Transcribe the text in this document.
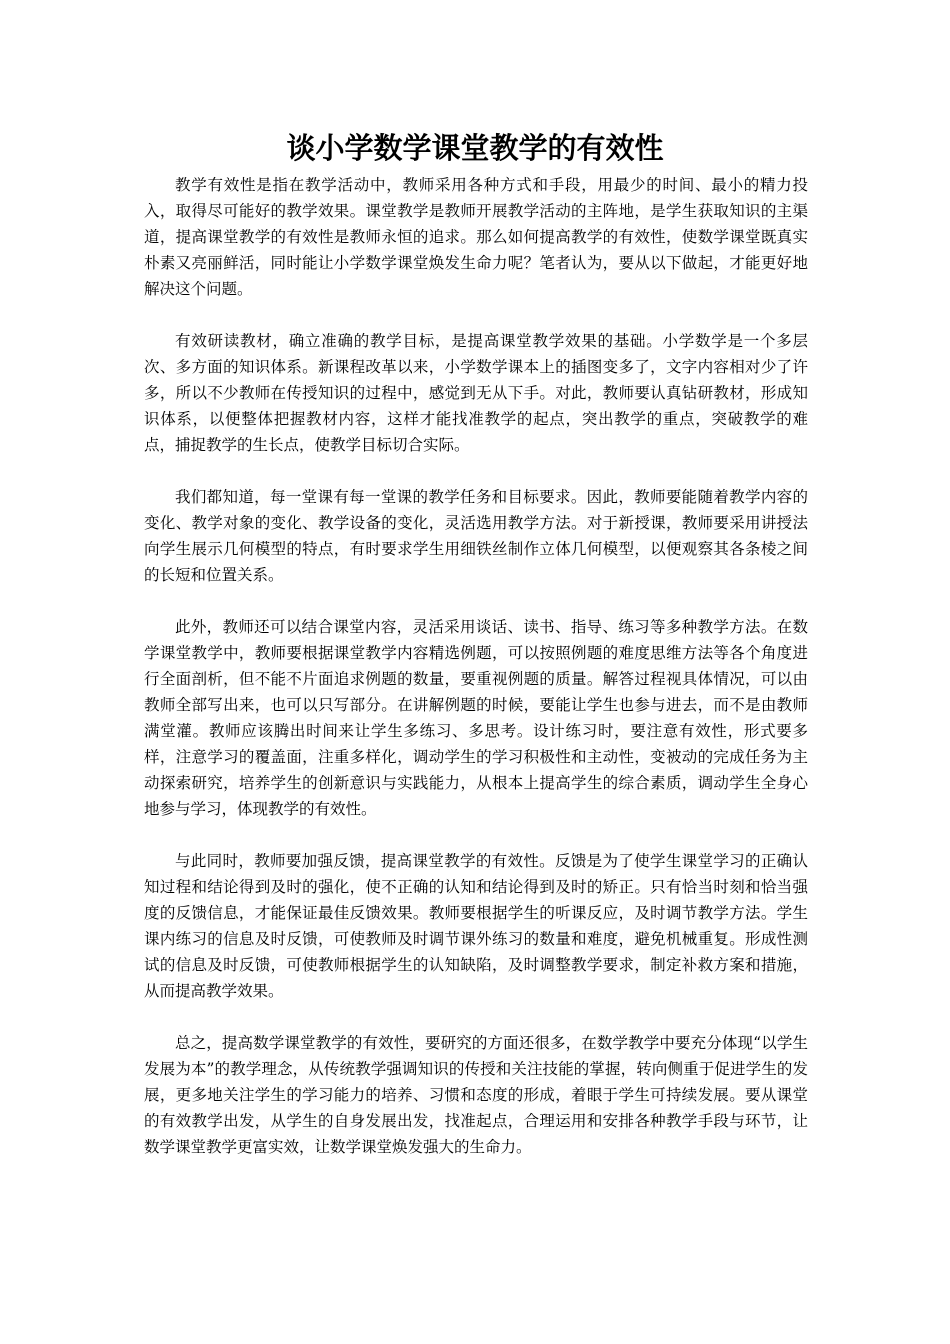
谈小学数学课堂教学的有效性

教学有效性是指在教学活动中，教师采用各种方式和手段，用最少的时间、最小的精力投入，取得尽可能好的教学效果。课堂教学是教师开展教学活动的主阵地，是学生获取知识的主渠道，提高课堂教学的有效性是教师永恒的追求。那么如何提高教学的有效性，使数学课堂既真实朴素又亮丽鲜活，同时能让小学数学课堂焕发生命力呢？笔者认为，要从以下做起，才能更好地解决这个问题。

有效研读教材，确立准确的教学目标，是提高课堂教学效果的基础。小学数学是一个多层次、多方面的知识体系。新课程改革以来，小学数学课本上的插图变多了，文字内容相对少了许多，所以不少教师在传授知识的过程中，感觉到无从下手。对此，教师要认真钻研教材，形成知识体系，以便整体把握教材内容，这样才能找准教学的起点，突出教学的重点，突破教学的难点，捕捉教学的生长点，使教学目标切合实际。

我们都知道，每一堂课有每一堂课的教学任务和目标要求。因此，教师要能随着教学内容的变化、教学对象的变化、教学设备的变化，灵活选用教学方法。对于新授课，教师要采用讲授法向学生展示几何模型的特点，有时要求学生用细铁丝制作立体几何模型，以便观察其各条棱之间的长短和位置关系。

此外，教师还可以结合课堂内容，灵活采用谈话、读书、指导、练习等多种教学方法。在数学课堂教学中，教师要根据课堂教学内容精选例题，可以按照例题的难度思维方法等各个角度进行全面剖析，但不能不片面追求例题的数量，要重视例题的质量。解答过程视具体情况，可以由教师全部写出来，也可以只写部分。在讲解例题的时候，要能让学生也参与进去，而不是由教师满堂灌。教师应该腾出时间来让学生多练习、多思考。设计练习时，要注意有效性，形式要多样，注意学习的覆盖面，注重多样化，调动学生的学习积极性和主动性，变被动的完成任务为主动探索研究，培养学生的创新意识与实践能力，从根本上提高学生的综合素质，调动学生全身心地参与学习，体现教学的有效性。

与此同时，教师要加强反馈，提高课堂教学的有效性。反馈是为了使学生课堂学习的正确认知过程和结论得到及时的强化，使不正确的认知和结论得到及时的矫正。只有恰当时刻和恰当强度的反馈信息，才能保证最佳反馈效果。教师要根据学生的听课反应，及时调节教学方法。学生课内练习的信息及时反馈，可使教师及时调节课外练习的数量和难度，避免机械重复。形成性测试的信息及时反馈，可使教师根据学生的认知缺陷，及时调整教学要求，制定补救方案和措施，从而提高教学效果。

总之，提高数学课堂教学的有效性，要研究的方面还很多，在数学教学中要充分体现“以学生发展为本”的教学理念，从传统教学强调知识的传授和关注技能的掌握，转向侧重于促进学生的发展，更多地关注学生的学习能力的培养、习惯和态度的形成，着眼于学生可持续发展。要从课堂的有效教学出发，从学生的自身发展出发，找准起点，合理运用和安排各种教学手段与环节，让数学课堂教学更富实效，让数学课堂焕发强大的生命力。
